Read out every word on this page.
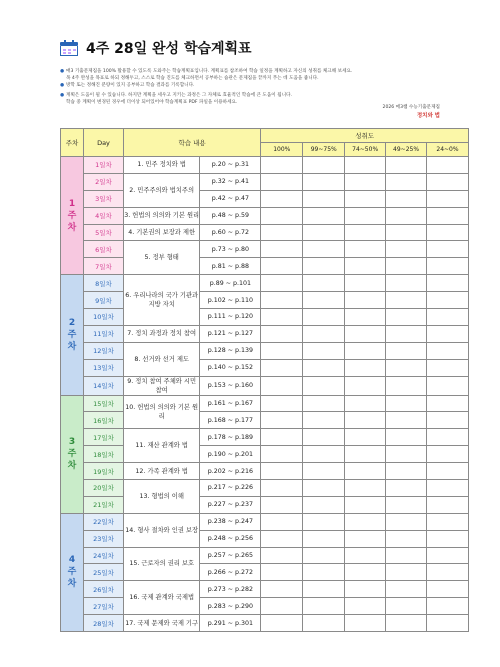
4주 28일 완성 학습계획표
● 매3 기출문제집을 100% 활용할 수 있도록 도와주는 학습계획표입니다. 계획표를 참조하여 학습 일정을 계획하고 자신의 성취를 체크해 보세요.
목 4주 완성을 목표로 하되 정해두고, 스스로 학습 진도를 체크하면서 공부하는 습관은 문제집을 끝까지 푸는 데 도움을 줍니다.
● 방학 또는 정해진 분량이 있지 공부하고 학습 결과를 기록합니다.
● 계획은 도움이 될 수 있습니다. 하지만 계획을 세우고 지키는 과정은 그 자체로 효율적인 학습에 큰 도움이 됩니다.
학습 중 계획이 변경된 경우에 더이상 되어있어야 학습계획표 PDF 파일을 이용하세요.
2026 매3쌤 수능기출문제집
정치와 법
주차	Day	학습 내용		성취도				
				100%	99~75%	74~50%	49~25%	24~0%
1
주
차	1일차	1. 민주 정치와 법	p.20 ~ p.31					
	2일차	2. 민주주의와 법치주의	p.32 ~ p.41					
	3일차		p.42 ~ p.47					
	4일차	3. 헌법의 의의와 기본 원리	p.48 ~ p.59					
	5일차	4. 기본권의 보장과 제한	p.60 ~ p.72					
	6일차	5. 정부 형태	p.73 ~ p.80					
	7일차		p.81 ~ p.88					
2
주
차	8일차	6. 우리나라의 국가 기관과 지방 자치	p.89 ~ p.101					
	9일차		p.102 ~ p.110					
	10일차		p.111 ~ p.120					
	11일차	7. 정치 과정과 정치 참여	p.121 ~ p.127					
	12일차	8. 선거와 선거 제도	p.128 ~ p.139					
	13일차		p.140 ~ p.152					
	14일차	9. 정치 참여 주체와 시민 참여	p.153 ~ p.160					
3
주
차	15일차	10. 헌법의 의의와 기본 원리	p.161 ~ p.167					
	16일차		p.168 ~ p.177					
	17일차	11. 재산 관계와 법	p.178 ~ p.189					
	18일차		p.190 ~ p.201					
	19일차	12. 가족 관계와 법	p.202 ~ p.216					
	20일차	13. 형법의 이해	p.217 ~ p.226					
	21일차		p.227 ~ p.237					
4
주
차	22일차	14. 형사 절차와 인권 보장	p.238 ~ p.247					
	23일차		p.248 ~ p.256					
	24일차	15. 근로자의 권리 보호	p.257 ~ p.265					
	25일차		p.266 ~ p.272					
	26일차	16. 국제 관계와 국제법	p.273 ~ p.282					
	27일차		p.283 ~ p.290					
	28일차	17. 국제 문제와 국제 기구	p.291 ~ p.301					
